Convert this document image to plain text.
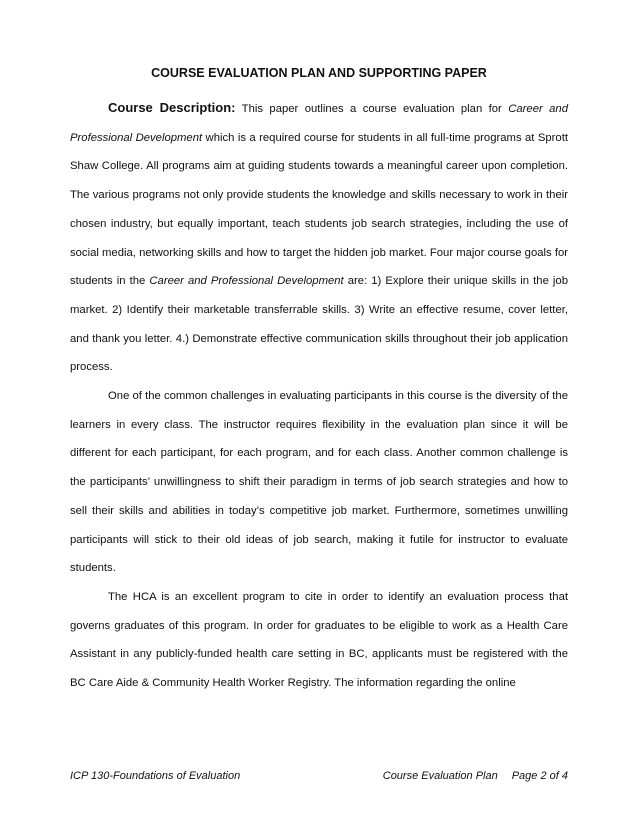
COURSE EVALUATION PLAN AND SUPPORTING PAPER

Course Description: This paper outlines a course evaluation plan for Career and Professional Development which is a required course for students in all full-time programs at Sprott Shaw College. All programs aim at guiding students towards a meaningful career upon completion. The various programs not only provide students the knowledge and skills necessary to work in their chosen industry, but equally important, teach students job search strategies, including the use of social media, networking skills and how to target the hidden job market. Four major course goals for students in the Career and Professional Development are: 1) Explore their unique skills in the job market. 2) Identify their marketable transferrable skills. 3) Write an effective resume, cover letter, and thank you letter. 4.) Demonstrate effective communication skills throughout their job application process.

One of the common challenges in evaluating participants in this course is the diversity of the learners in every class. The instructor requires flexibility in the evaluation plan since it will be different for each participant, for each program, and for each class. Another common challenge is the participants’ unwillingness to shift their paradigm in terms of job search strategies and how to sell their skills and abilities in today’s competitive job market. Furthermore, sometimes unwilling participants will stick to their old ideas of job search, making it futile for instructor to evaluate students.

The HCA is an excellent program to cite in order to identify an evaluation process that governs graduates of this program. In order for graduates to be eligible to work as a Health Care Assistant in any publicly-funded health care setting in BC, applicants must be registered with the BC Care Aide & Community Health Worker Registry. The information regarding the online

ICP 130-Foundations of Evaluation	Course Evaluation Plan Page 2 of 4
